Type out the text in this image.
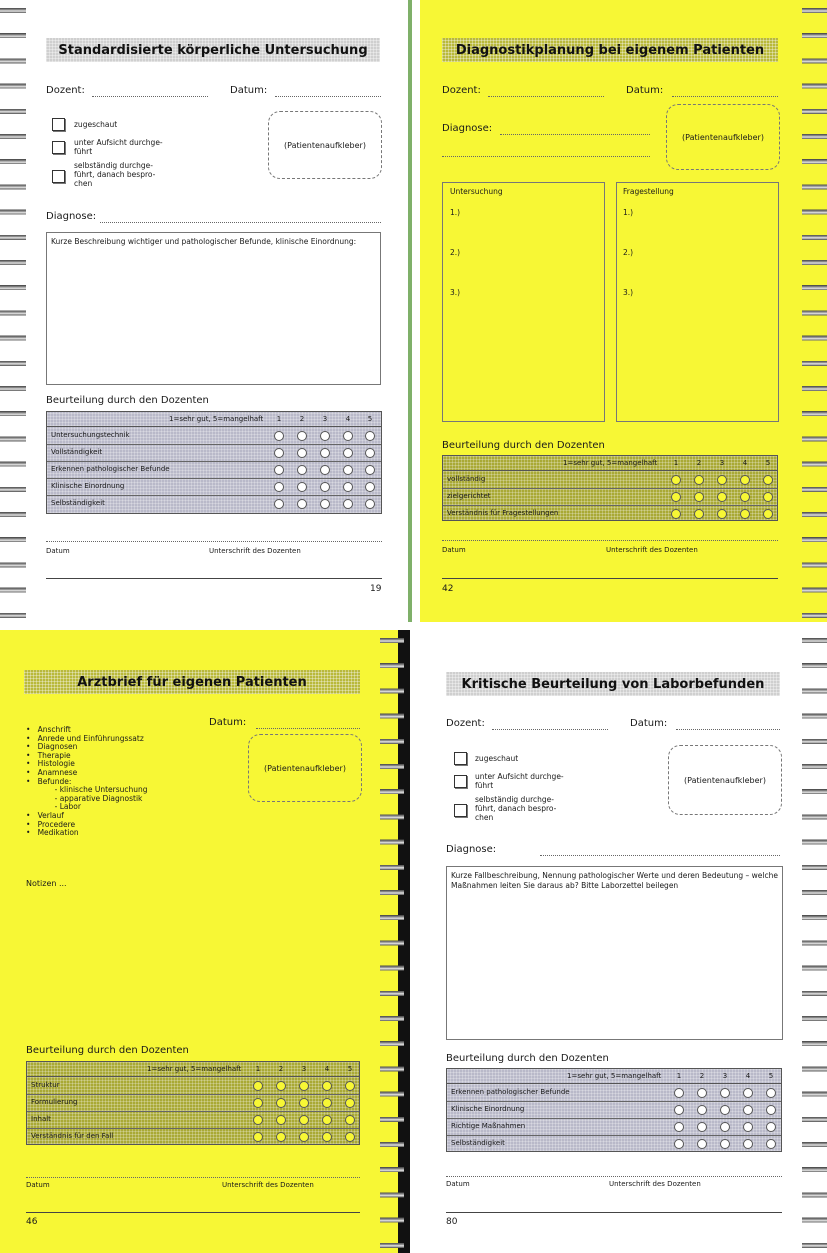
Standardisierte körperliche Untersuchung
Dozent:	Datum:
zugeschaut
unter Aufsicht durchge-
führt
selbständig durchge-
führt, danach bespro-
chen
(Patientenaufkleber)
Diagnose:
Kurze Beschreibung wichtiger und pathologischer Befunde, klinische Einordnung:
Beurteilung durch den Dozenten
1=sehr gut, 5=mangelhaft	1	2	3	4	5
Untersuchungstechnik
Vollständigkeit
Erkennen pathologischer Befunde
Klinische Einordnung
Selbständigkeit
Datum	Unterschrift des Dozenten
19
Diagnostikplanung bei eigenem Patienten
Dozent:	Datum:
Diagnose:
(Patientenaufkleber)
Untersuchung
1.)
2.)
3.)
Fragestellung
1.)
2.)
3.)
Beurteilung durch den Dozenten
1=sehr gut, 5=mangelhaft	1	2	3	4	5
vollständig
zielgerichtet
Verständnis für Fragestellungen
Datum	Unterschrift des Dozenten
42
Arztbrief für eigenen Patienten
•   Anschrift
•   Anrede und Einführungssatz
•   Diagnosen
•   Therapie
•   Histologie
•   Anamnese
•   Befunde:
- klinische Untersuchung
- apparative Diagnostik
- Labor
•   Verlauf
•   Procedere
•   Medikation
Datum:
(Patientenaufkleber)
Notizen ...
Beurteilung durch den Dozenten
1=sehr gut, 5=mangelhaft	1	2	3	4	5
Struktur
Formulierung
Inhalt
Verständnis für den Fall
Datum	Unterschrift des Dozenten
46
Kritische Beurteilung von Laborbefunden
Dozent:	Datum:
zugeschaut
unter Aufsicht durchge-
führt
selbständig durchge-
führt, danach bespro-
chen
(Patientenaufkleber)
Diagnose:
Kurze Fallbeschreibung, Nennung pathologischer Werte und deren Bedeutung – welche Maßnahmen leiten Sie daraus ab? Bitte Laborzettel beilegen
Beurteilung durch den Dozenten
1=sehr gut, 5=mangelhaft	1	2	3	4	5
Erkennen pathologischer Befunde
Klinische Einordnung
Richtige Maßnahmen
Selbständigkeit
Datum	Unterschrift des Dozenten
80
